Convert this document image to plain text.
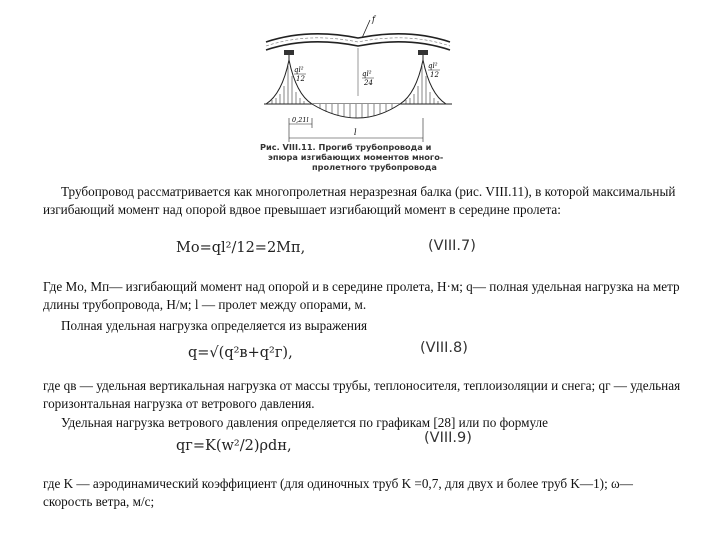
f
ql²
12
ql²
24
ql²
12
0,21l
l
Рис. VIII.11. Прогиб трубопровода и
эпюра изгибающих моментов много-
пролетного трубопровода
Трубопровод рассматривается как многопролетная неразрезная балка (рис. VIII.11), в которой максимальный изгибающий момент над опорой вдвое превышает изгибающий момент в середине пролета:
Mо=ql²/12=2Mп,	(VIII.7)
Где Mо, Mп— изгибающий момент над опорой и в середине пролета, Н·м; q— полная удельная нагрузка на метр длины трубопровода, Н/м; l — пролет между опорами, м.
Полная удельная нагрузка определяется из выражения
q=√(q²в+q²г),	(VIII.8)
где qв — удельная вертикальная нагрузка от массы трубы, теплоносителя, теплоизоляции и снега; qг — удельная горизонтальная нагрузка от ветрового давления.
Удельная нагрузка ветрового давления определяется по графикам [28] или по формуле
qг=K(w²/2)ρdн,	(VIII.9)
где K — аэродинамический коэффициент (для одиночных труб K =0,7, для двух и более труб K—1); ω— скорость ветра, м/с;
